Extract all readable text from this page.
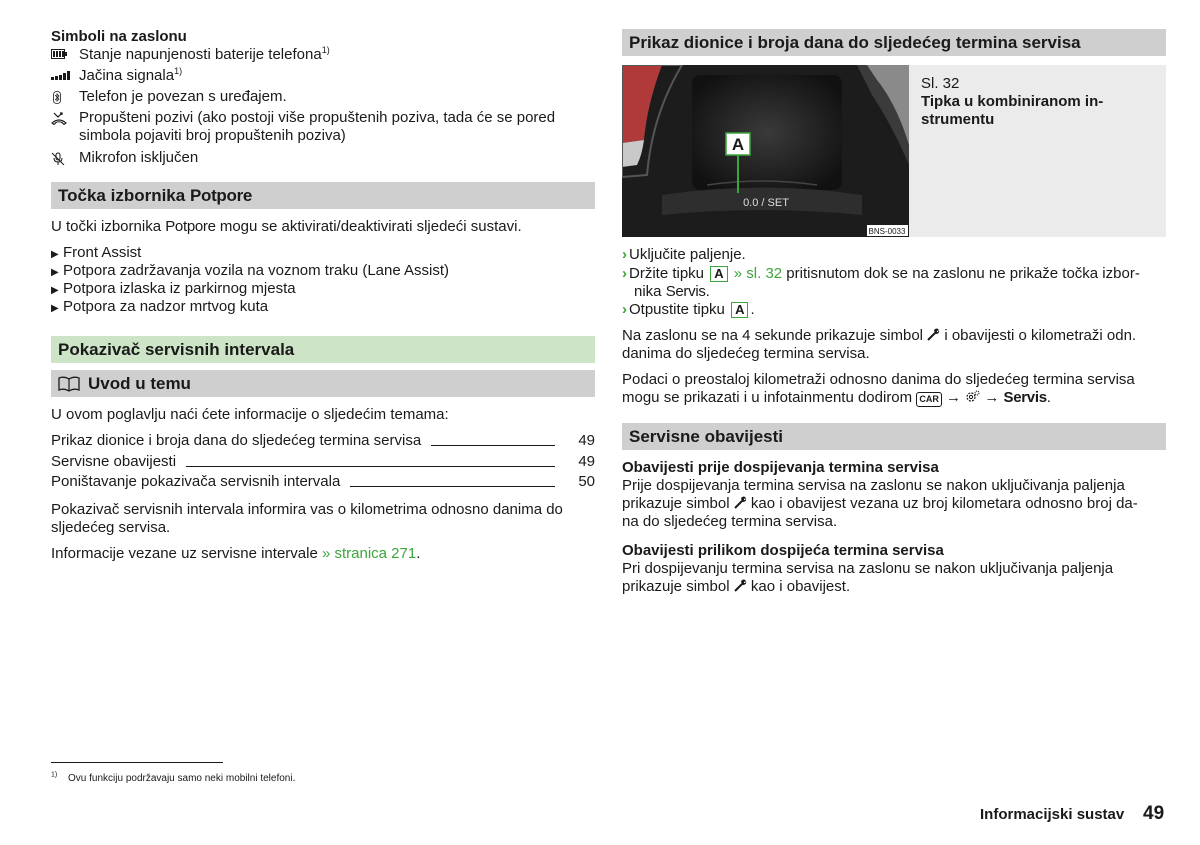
Simboli na zaslonu
Stanje napunjenosti baterije telefona$^{1)}$
Jačina signala$^{1)}$
Telefon je povezan s uređajem.
Propušteni pozivi (ako postoji više propuštenih poziva, tada će se pored simbola pojaviti broj propuštenih poziva)
Mikrofon isključen
Točka izbornika
Potpore
U točki izbornika Potpore mogu se aktivirati/deaktivirati sljedeći sustavi.
▶ Front Assist
▶ Potpora zadržavanja vozila na voznom traku (Lane Assist)
▶ Potpora izlaska iz parkirnog mjesta
▶ Potpora za nadzor mrtvog kuta
Pokazivač servisnih intervala
Uvod u temu
U ovom poglavlju naći ćete informacije o sljedećim temama:
Prikaz dionice i broja dana do sljedećeg termina servisa	49
Servisne obavijesti	49
Poništavanje pokazivača servisnih intervala	50
Pokazivač servisnih intervala informira vas o kilometrima odnosno danima do sljedećeg servisa.
Informacije vezane uz servisne intervale » stranica 271.
Prikaz dionice i broja dana do sljedećeg termina servisa
A
0.0 / SET
BNS-0033
Sl. 32
Tipka u kombiniranom in-
strumentu
› Uključite paljenje.
› Držite tipku A » sl. 32 pritisnutom dok se na zaslonu ne prikaže točka izbor-
nika Servis.
› Otpustite tipku A .
Na zaslonu se na 4 sekunde prikazuje simbol  i obavijesti o kilometraži odn.
danima do sljedećeg termina servisa.
Podaci o preostaloj kilometraži odnosno danima do sljedećeg termina servisa
mogu se prikazati i u infotainmentu dodirom CAR → → Servis.
Servisne obavijesti
Obavijesti prije dospijevanja termina servisa
Prije dospijevanja termina servisa na zaslonu se nakon uključivanja paljenja
prikazuje simbol  kao i obavijest vezana uz broj kilometara odnosno broj da-
na do sljedećeg termina servisa.
Obavijesti prilikom dospijeća termina servisa
Pri dospijevanju termina servisa na zaslonu se nakon uključivanja paljenja
prikazuje simbol  kao i obavijest.
$^{1)}$ Ovu funkciju podržavaju samo neki mobilni telefoni.
Informacijski sustav 49
